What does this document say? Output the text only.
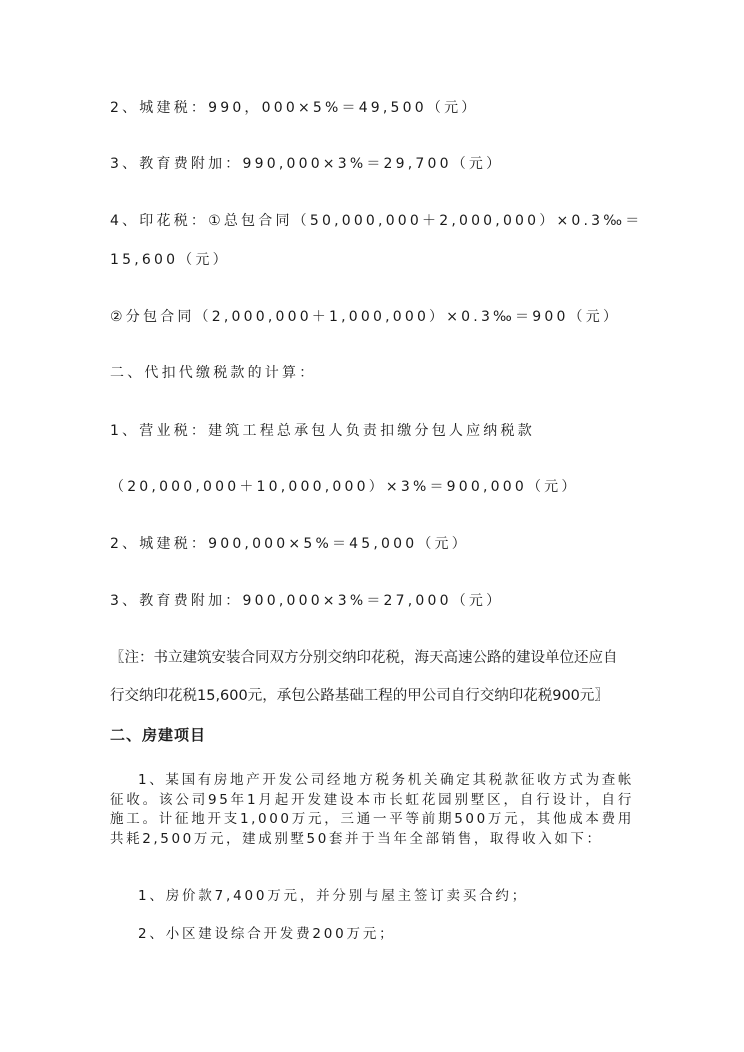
2、城建税：990，000×5%＝49,500（元）
3、教育费附加：990,000×3%＝29,700（元）
4、印花税：①总包合同（50,000,000＋2,000,000）×0.3‰＝
15,600（元）
②分包合同（2,000,000＋1,000,000）×0.3‰＝900（元）
二、代扣代缴税款的计算：
1、营业税：建筑工程总承包人负责扣缴分包人应纳税款
（20,000,000＋10,000,000）×3%＝900,000（元）
2、城建税：900,000×5%＝45,000（元）
3、教育费附加：900,000×3%＝27,000（元）
〖注：书立建筑安装合同双方分别交纳印花税，海天高速公路的建设单位还应自
行交纳印花税15,600元，承包公路基础工程的甲公司自行交纳印花税900元〗
二、房建项目
1、某国有房地产开发公司经地方税务机关确定其税款征收方式为查帐征收。该公司95年1月起开发建设本市长虹花园别墅区，自行设计，自行施工。计征地开支1,000万元，三通一平等前期500万元，其他成本费用共耗2,500万元，建成别墅50套并于当年全部销售，取得收入如下：
1、房价款7,400万元，并分别与屋主签订卖买合约；
2、小区建设综合开发费200万元；
